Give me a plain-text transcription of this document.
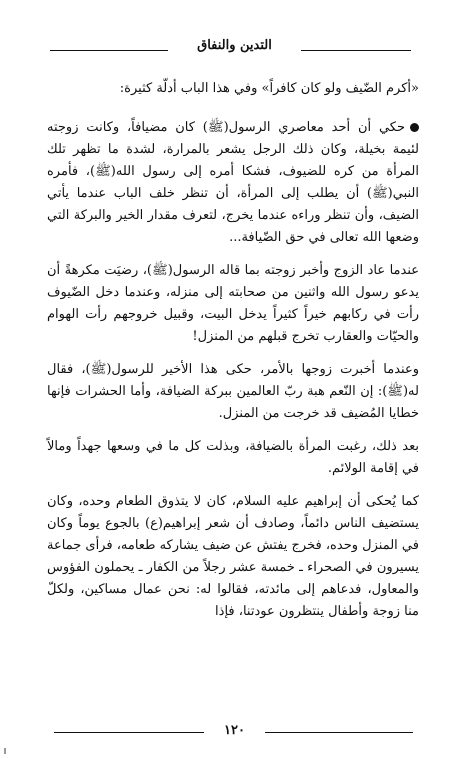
التدين والنفاق

«أكرم الضّيف ولو كان كافراً» وفي هذا الباب أدلّة كثيرة:

حكي أن أحد معاصري الرسول(ﷺ) كان مضيافاً، وكانت زوجته لئيمة بخيلة، وكان ذلك الرجل يشعر بالمرارة، لشدة ما تظهر تلك المرأة من كره للضيوف، فشكا أمره إلى رسول الله(ﷺ)، فأمره النبي(ﷺ) أن يطلب إلى المرأة، أن تنظر خلف الباب عندما يأتي الضيف، وأن تنظر وراءه عندما يخرج، لتعرف مقدار الخير والبركة التي وضعها الله تعالى في حق الضّيافة...

عندما عاد الزوج وأخبر زوجته بما قاله الرسول(ﷺ)، رضيَت مكرهةً أن يدعو رسول الله واثنين من صحابته إلى منزله، وعندما دخل الضّيوف رأت في ركابهم خيراً كثيراً يدخل البيت، وقبيل خروجهم رأت الهوام والحيّات والعقارب تخرج قبلهم من المنزل!

وعندما أخبرت زوجها بالأمر، حكى هذا الأخير للرسول(ﷺ)، فقال له(ﷺ): إن النّعم هبة ربّ العالمين ببركة الضيافة، وأما الحشرات فإنها خطايا المُضيف قد خرجت من المنزل.

بعد ذلك، رغبت المرأة بالضيافة، وبذلت كل ما في وسعها جهداً ومالاً في إقامة الولائم.

كما يُحكى أن إبراهيم عليه السلام، كان لا يتذوق الطعام وحده، وكان يستضيف الناس دائماً، وصادف أن شعر إبراهيم(ع) بالجوع يوماً وكان في المنزل وحده، فخرج يفتش عن ضيف يشاركه طعامه، فرأى جماعة يسيرون في الصحراء ـ خمسة عشر رجلاً من الكفار ـ يحملون الفؤوس والمعاول، فدعاهم إلى مائدته، فقالوا له: نحن عمال مساكين، ولكلّ منا زوجة وأطفال ينتظرون عودتنا، فإذا

١٢٠
